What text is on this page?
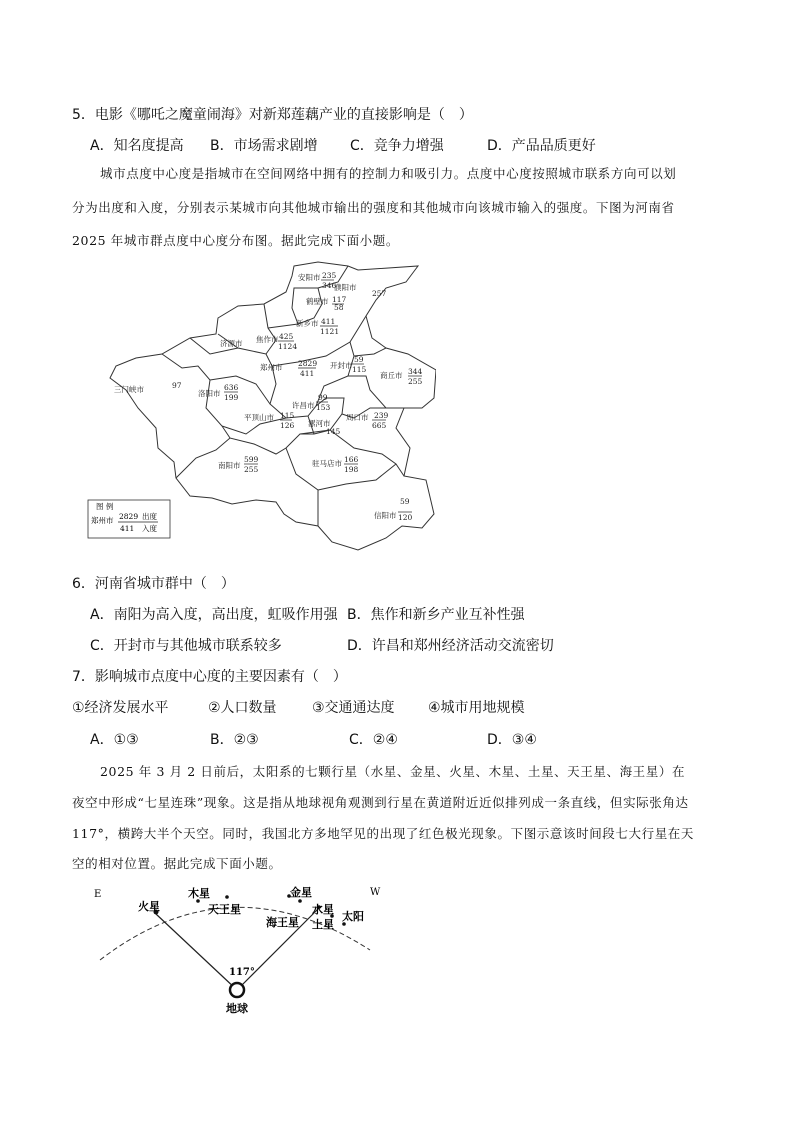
5．电影《哪吒之魔童闹海》对新郑莲藕产业的直接影响是（　）
A．知名度提高 B．市场需求剧增 C．竞争力增强	D．产品品质更好
城市点度中心度是指城市在空间网络中拥有的控制力和吸引力。点度中心度按照城市联系方向可以划
分为出度和入度，分别表示某城市向其他城市输出的强度和其他城市向该城市输入的强度。下图为河南省
2025 年城市群点度中心度分布图。据此完成下面小题。
安阳市 235
346
濮阳市
257
鹤壁市 117
58
新乡市 411
1121
焦作市 425
1124
济源市
郑州市 2829
411
开封市
59
115
商丘市 344
255
三门峡市	97
洛阳市
636
199
平顶山市 115
126
许昌市
99
153
漯河市
145
周口市 239
665
南阳市
599
255
驻马店市 166
198
59
信阳市 120
图 例
郑州市 2829
411
出度
入度
6．河南省城市群中（　）
A．南阳为高入度，高出度，虹吸作用强 B．焦作和新乡产业互补性强
C．开封市与其他城市联系较多	D．许昌和郑州经济活动交流密切
7．影响城市点度中心度的主要因素有（　）
①经济发展水平	②人口数量	③交通通达度 ④城市用地规模
A．①③	B．②③	C．②④	D．③④
2025 年 3 月 2 日前后，太阳系的七颗行星（水星、金星、火星、木星、土星、天王星、海王星）在
夜空中形成“七星连珠”现象。这是指从地球视角观测到行星在黄道附近近似排列成一条直线，但实际张角达
117°，横跨大半个天空。同时，我国北方多地罕见的出现了红色极光现象。下图示意该时间段七大行星在天
空的相对位置。据此完成下面小题。
E	W
火星
木星
天王星
金星
海王星
水星
土星
太阳
117°
地球
